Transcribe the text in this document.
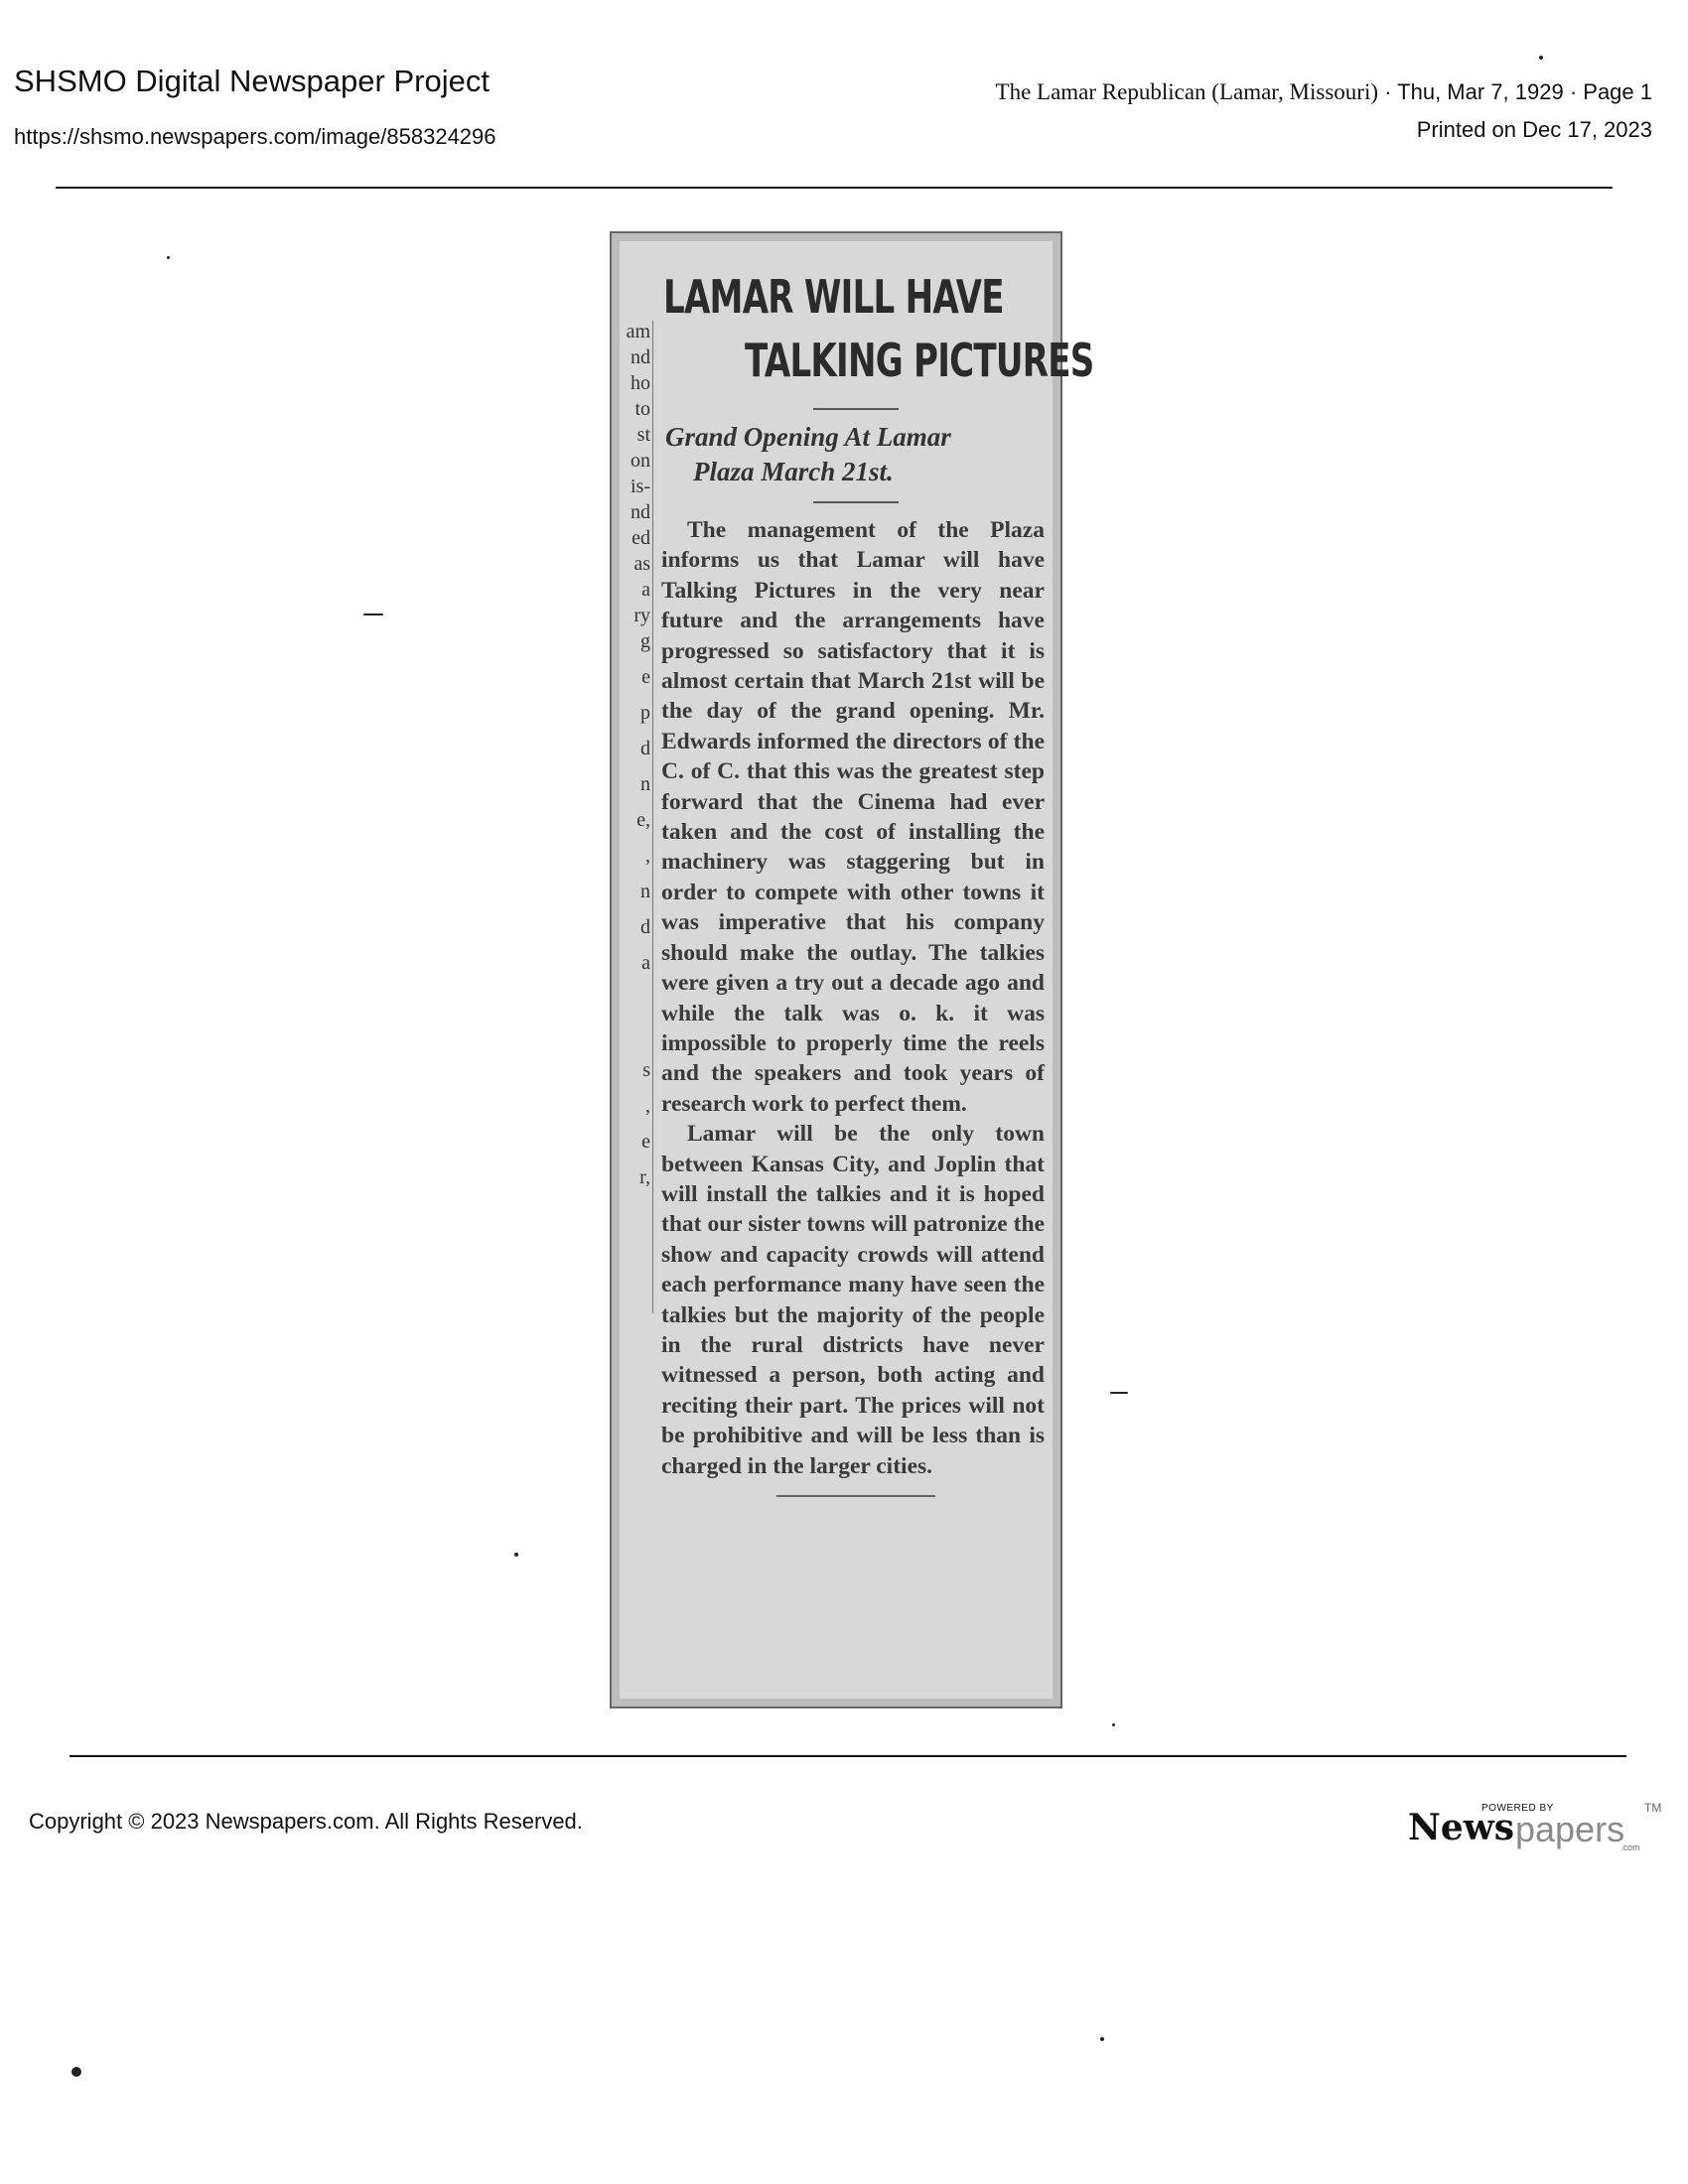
SHSMO Digital Newspaper Project
https://shsmo.newspapers.com/image/858324296
The Lamar Republican (Lamar, Missouri) · Thu, Mar 7, 1929 · Page 1
Printed on Dec 17, 2023
am
nd
ho
to
st
on
is-
nd
ed
as
a
ry
g
e
p
d
n
e,
,
n
d
a
s
,
e
r,
LAMAR WILL HAVE
TALKING PICTURES
Grand Opening At Lamar
Plaza March 21st.

The management of the Plaza informs us that Lamar will have Talking Pictures in the very near future and the arrangements have progressed so satisfactory that it is almost certain that March 21st will be the day of the grand opening. Mr. Edwards informed the directors of the C. of C. that this was the greatest step forward that the Cinema had ever taken and the cost of installing the machinery was staggering but in order to compete with other towns it was imperative that his company should make the outlay. The talkies were given a try out a decade ago and while the talk was o. k. it was impossible to properly time the reels and the speakers and took years of research work to perfect them.

Lamar will be the only town between Kansas City, and Joplin that will install the talkies and it is hoped that our sister towns will patronize the show and capacity crowds will attend each performance many have seen the talkies but the majority of the people in the rural districts have never witnessed a person, both acting and reciting their part. The prices will not be prohibitive and will be less than is charged in the larger cities.

Copyright © 2023 Newspapers.com. All Rights Reserved.
POWERED BY
News papers
TM
.com
